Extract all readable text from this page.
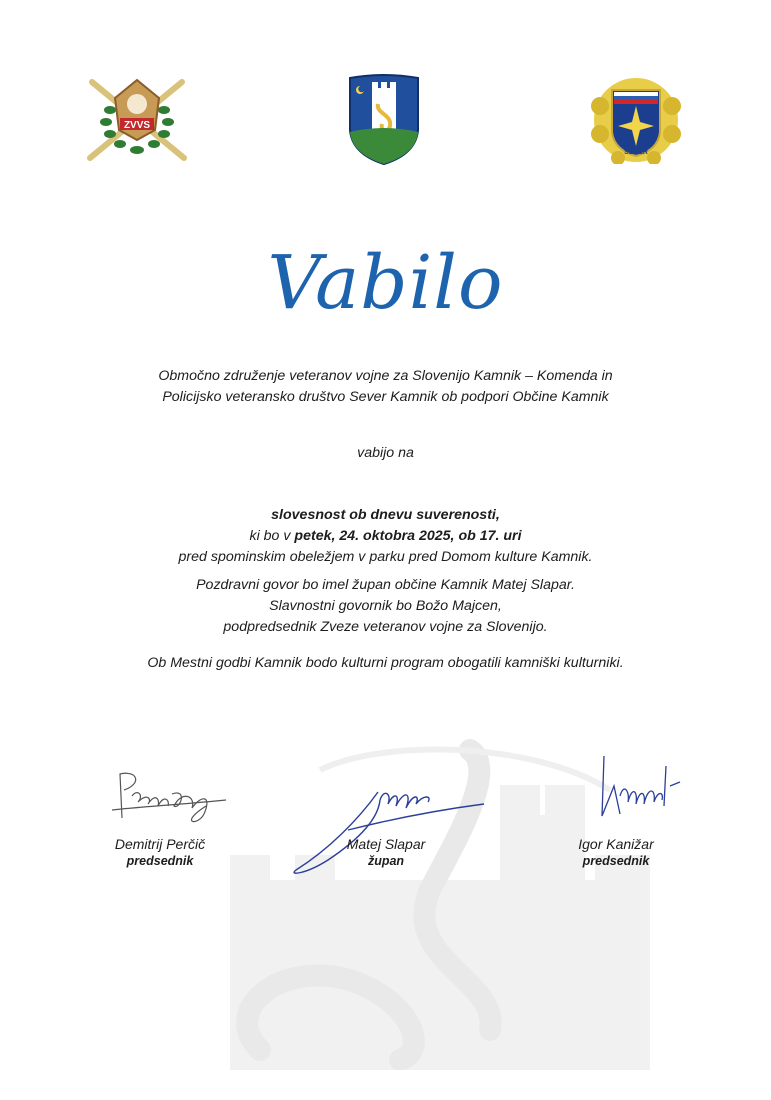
ZVVS
SEVER
Vabilo
Območno združenje veteranov vojne za Slovenijo Kamnik – Komenda in
Policijsko veteransko društvo Sever Kamnik ob podpori Občine Kamnik
vabijo na
slovesnost ob dnevu suverenosti,
ki bo v petek, 24. oktobra 2025, ob 17. uri
pred spominskim obeležjem v parku pred Domom kulture Kamnik.
Pozdravni govor bo imel župan občine Kamnik Matej Slapar.
Slavnostni govornik bo Božo Majcen,
podpredsednik Zveze veteranov vojne za Slovenijo.
Ob Mestni godbi Kamnik bodo kulturni program obogatili kamniški kulturniki.
Demitrij Perčič
predsednik
Matej Slapar
župan
Igor Kanižar
predsednik
